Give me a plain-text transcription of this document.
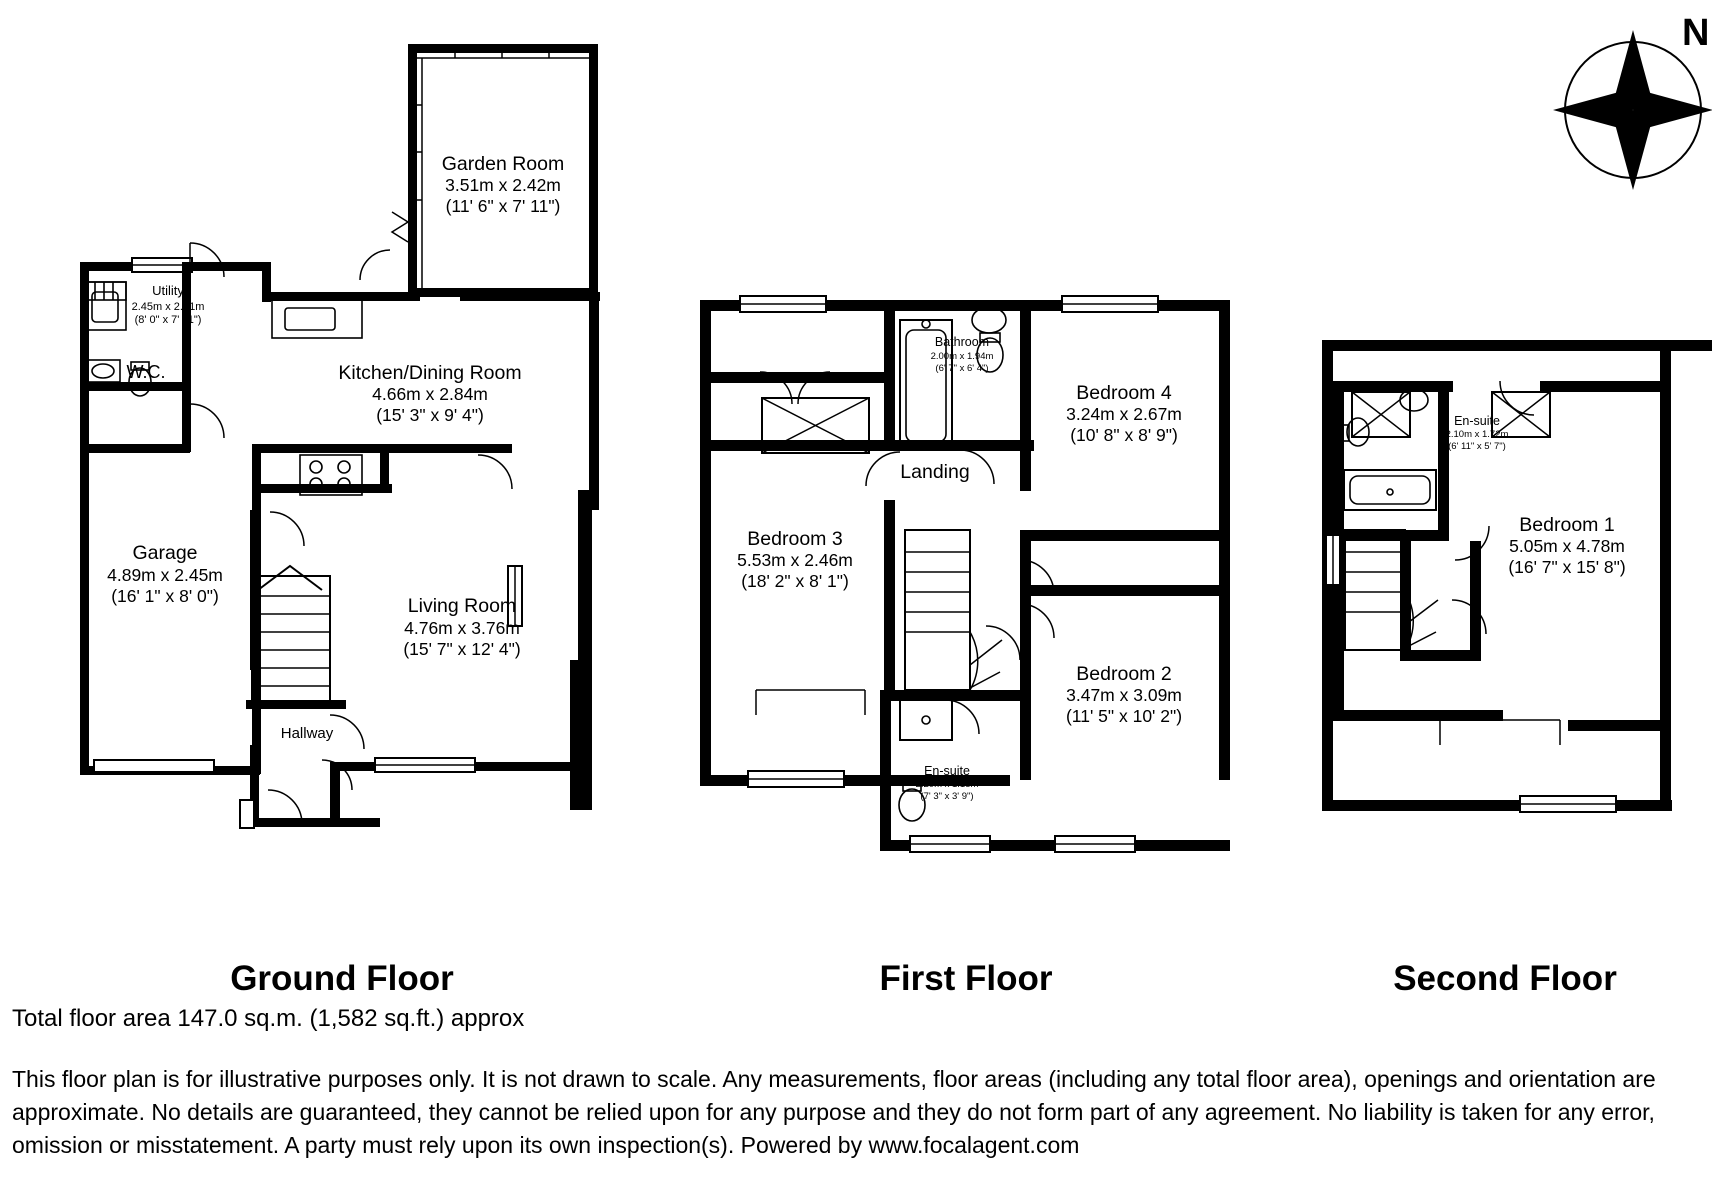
N
Garden Room
3.51m x 2.42m
(11' 6" x 7' 11")
Utility
2.45m x 2.41m
(8' 0" x 7' 11")
W.C.	Kitchen/Dining Room
4.66m x 2.84m
(15' 3" x 9' 4")
Garage
4.89m x 2.45m
(16' 1" x 8' 0")	Living Room
4.76m x 3.76m
(15' 7" x 12' 4")
Hallway
Bathroom
2.00m x 1.94m
(6' 7" x 6' 4")
Bedroom 4
3.24m x 2.67m
(10' 8" x 8' 9")
Landing
Bedroom 3
5.53m x 2.46m
(18' 2" x 8' 1")
Bedroom 2
3.47m x 3.09m
(11' 5" x 10' 2")
En-suite
2.20m x 1.15m
(7' 3" x 3' 9")
En-suite
2.10m x 1.72m
(6' 11" x 5' 7")
Bedroom 1
5.05m x 4.78m
(16' 7" x 15' 8")
Ground Floor	First Floor	Second Floor
Total floor area 147.0 sq.m. (1,582 sq.ft.) approx
This floor plan is for illustrative purposes only. It is not drawn to scale. Any measurements, floor areas (including any total floor area), openings and orientation are approximate. No details are guaranteed, they cannot be relied upon for any purpose and they do not form part of any agreement. No liability is taken for any error, omission or misstatement. A party must rely upon its own inspection(s). Powered by www.focalagent.com
